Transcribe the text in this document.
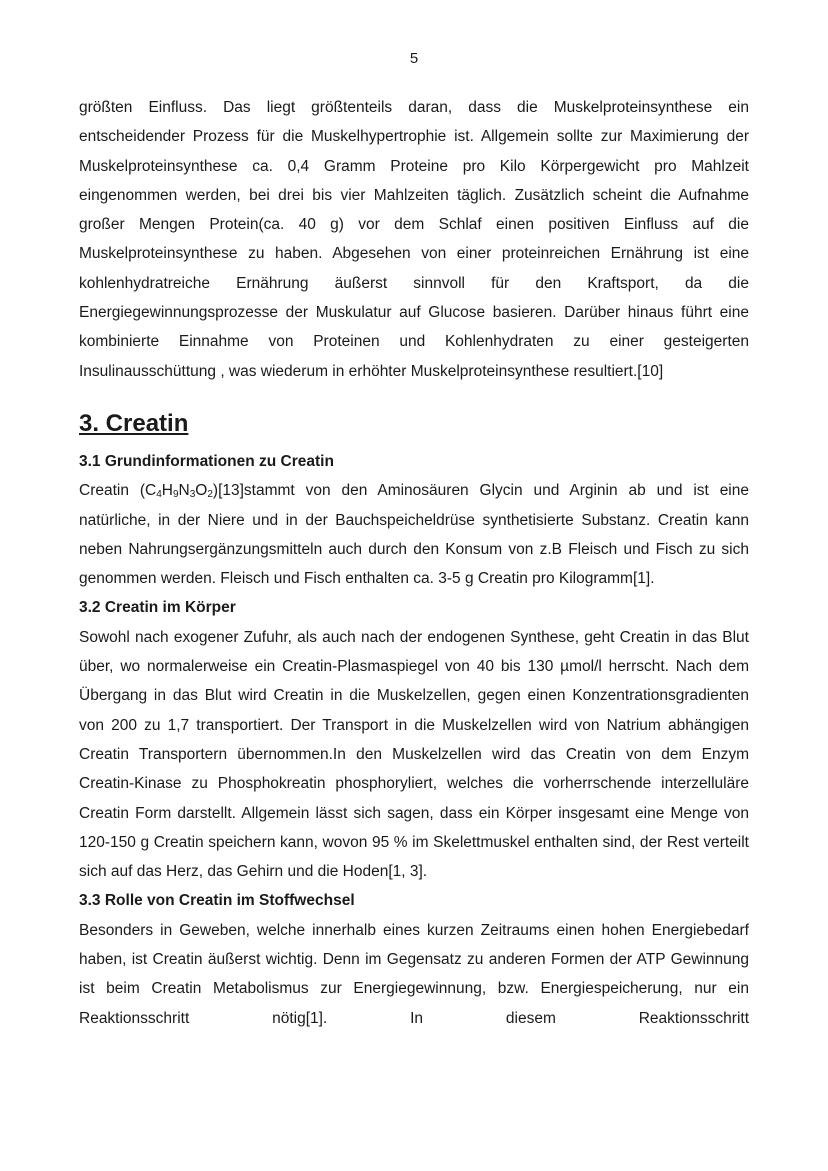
5

größten Einfluss. Das liegt größtenteils daran, dass die Muskelproteinsynthese ein entscheidender Prozess für die Muskelhypertrophie ist. Allgemein sollte zur Maximierung der Muskelproteinsynthese ca. 0,4 Gramm Proteine pro Kilo Körpergewicht pro Mahlzeit eingenommen werden, bei drei bis vier Mahlzeiten täglich. Zusätzlich scheint die Aufnahme großer Mengen Protein(ca. 40 g) vor dem Schlaf einen positiven Einfluss auf die Muskelproteinsynthese zu haben. Abgesehen von einer proteinreichen Ernährung ist eine kohlenhydratreiche Ernährung äußerst sinnvoll für den Kraftsport, da die Energiegewinnungsprozesse der Muskulatur auf Glucose basieren. Darüber hinaus führt eine kombinierte Einnahme von Proteinen und Kohlenhydraten zu einer gesteigerten Insulinausschüttung , was wiederum in erhöhter Muskelproteinsynthese resultiert.[10]

3. Creatin
3.1 Grundinformationen zu Creatin

Creatin $(C_4H_9N_3O_2)[13]stammt$ von den Aminosäuren Glycin und Arginin ab und ist eine natürliche, in der Niere und in der Bauchspeicheldrüse synthetisierte Substanz. Creatin kann neben Nahrungsergänzungsmitteln auch durch den Konsum von z.B Fleisch und Fisch zu sich genommen werden. Fleisch und Fisch enthalten ca. 3-5 g Creatin pro Kilogramm[1].

3.2 Creatin im Körper

Sowohl nach exogener Zufuhr, als auch nach der endogenen Synthese, geht Creatin in das Blut über, wo normalerweise ein Creatin-Plasmaspiegel von 40 bis 130 µmol/l herrscht. Nach dem Übergang in das Blut wird Creatin in die Muskelzellen, gegen einen Konzentrationsgradienten von 200 zu 1,7 transportiert. Der Transport in die Muskelzellen wird von Natrium abhängigen Creatin Transportern übernommen.In den Muskelzellen wird das Creatin von dem Enzym Creatin-Kinase zu Phosphokreatin phosphoryliert, welches die vorherrschende interzelluläre Creatin Form darstellt. Allgemein lässt sich sagen, dass ein Körper insgesamt eine Menge von 120-150 g Creatin speichern kann, wovon 95 % im Skelettmuskel enthalten sind, der Rest verteilt sich auf das Herz, das Gehirn und die Hoden[1, 3].

3.3 Rolle von Creatin im Stoffwechsel

Besonders in Geweben, welche innerhalb eines kurzen Zeitraums einen hohen Energiebedarf haben, ist Creatin äußerst wichtig. Denn im Gegensatz zu anderen Formen der ATP Gewinnung ist beim Creatin Metabolismus zur Energiegewinnung, bzw. Energiespeicherung, nur ein Reaktionsschritt nötig[1]. In diesem Reaktionsschritt
